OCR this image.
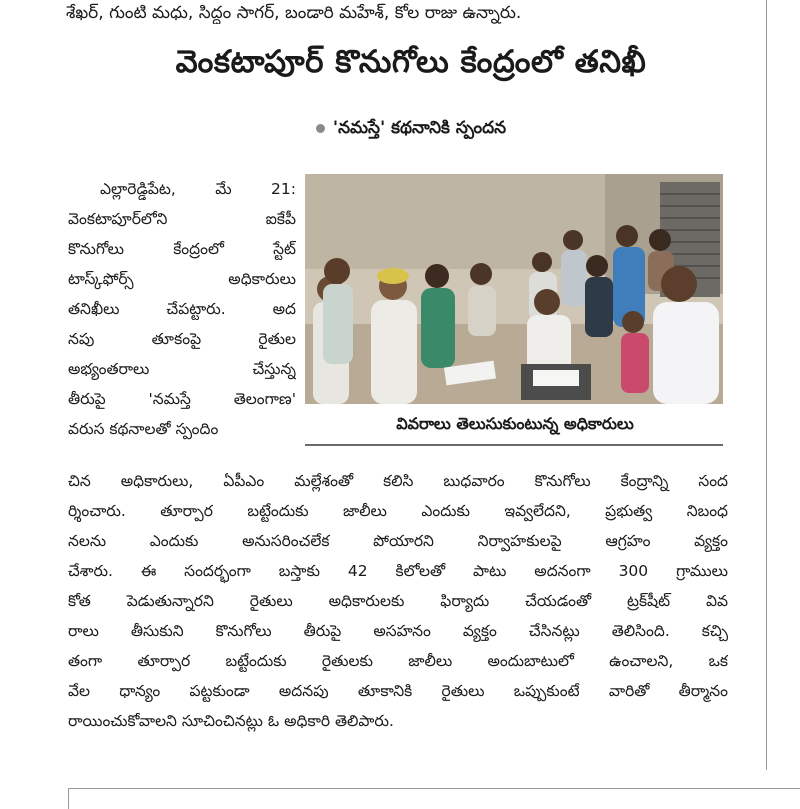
శేఖర్‌, గుంటి మధు, సిద్ధం సాగర్‌, బండారి మహేశ్‌, కోల రాజు ఉన్నారు.
వెంకటాపూర్‌ కొనుగోలు కేంద్రంలో తనిఖీ
'నమస్తే' కథనానికి స్పందన
ఎల్లారెడ్డిపేట, మే 21:
వెంకటాపూర్‌లోని ఐకేపీ
కొనుగోలు కేంద్రంలో స్టేట్‌
టాస్క్‌ఫోర్స్‌ అధికారులు
తనిఖీలు చేపట్టారు. అద
నపు తూకంపై రైతుల
అభ్యంతరాలు చేస్తున్న
తీరుపై 'నమస్తే తెలంగాణ'
వరుస కథనాలతో స్పందిం	వివరాలు తెలుసుకుంటున్న అధికారులు
చిన అధికారులు, ఏపీఎం మల్లేశంతో కలిసి బుధవారం కొనుగోలు కేంద్రాన్ని సంద
ర్శించారు. తూర్పార బట్టేందుకు జాలీలు ఎందుకు ఇవ్వలేదని, ప్రభుత్వ నిబంధ
నలను ఎందుకు అనుసరించలేక పోయారని నిర్వాహకులపై ఆగ్రహం వ్యక్తం
చేశారు. ఈ సందర్భంగా బస్తాకు 42 కిలోలతో పాటు అదనంగా 300 గ్రాములు
కోత పెడుతున్నారని రైతులు అధికారులకు ఫిర్యాదు చేయడంతో ట్రక్‌షీట్‌ వివ
రాలు తీసుకుని కొనుగోలు తీరుపై అసహనం వ్యక్తం చేసినట్లు తెలిసింది. కచ్చి
తంగా తూర్పార బట్టేందుకు రైతులకు జాలీలు అందుబాటులో ఉంచాలని, ఒక
వేల ధాన్యం పట్టకుండా అదనపు తూకానికి రైతులు ఒప్పుకుంటే వారితో తీర్మానం
రాయించుకోవాలని సూచించినట్లు ఓ అధికారి తెలిపారు.
